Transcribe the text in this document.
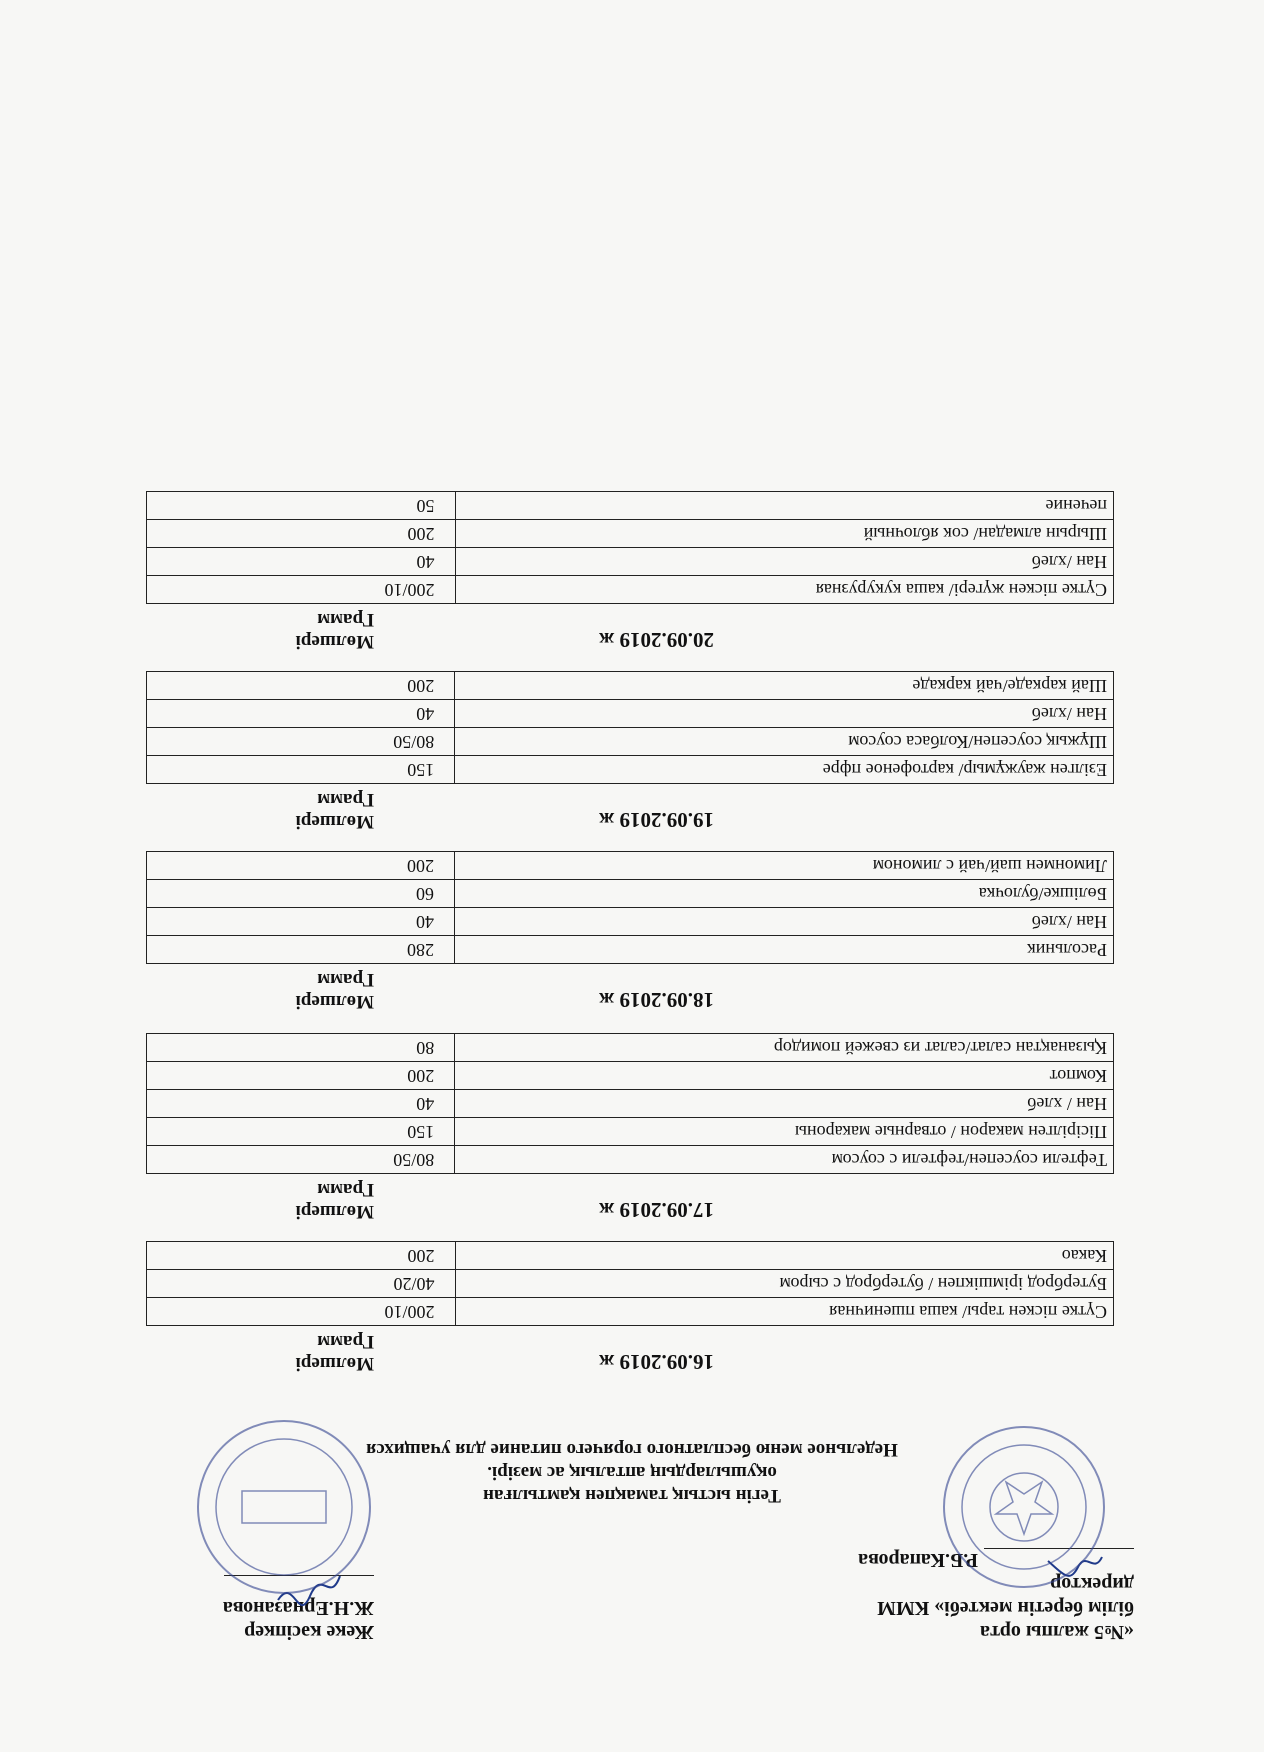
«№5 жалпы орта
білім беретін мектебі» КММ
директор
Р.Б.Капарова
Жеке кәсіпкер
Ж.Н.Ерназанова
Тегін ыстық тамақпен қамтылған
оқушылардың апталық ас мәзірі.
Недельное меню бесплатного горячего питание для учащихся
16.09.2019 ж
Мөлшері
Грамм
Сүтке піскен тары/ каша пшеничная	200/10
Бутерброд ірімшікпен / бутерброд с сыром	40/20
Какао	200
17.09.2019 ж
Мөлшері
Грамм
Тефтели соусепен/тефтели с соусом	80/50
Пісірілген макарон / отварные макароны	150
Нан / хлеб	40
Компот	200
Қызанақтан салат/салат из свежей помидор	80
18.09.2019 ж
Мөлшері
Грамм
Расольник	280
Нан /хлеб	40
Бөлішке/булочка	60
Лимонмен шай/чай с лимоном	200
19.09.2019 ж
Мөлшері
Грамм
Езілген жаужұмыр/ картофеное пфре	150
Шұжық соусепен/Колбаса соусом	80/50
Нан /хлеб	40
Шай каркаде/чай каркаде	200
20.09.2019 ж
Мөлшері
Грамм
Сүтке піскен жүгері/ каша кукурузная	200/10
Нан /хлеб	40
Шырын алмадан/ сок яблочный	200
печение	50
